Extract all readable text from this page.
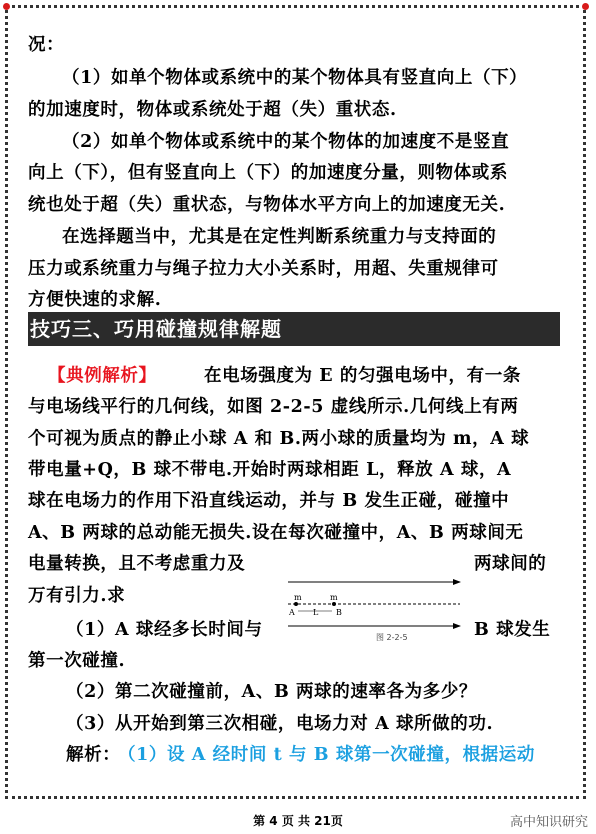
况：
（1）如单个物体或系统中的某个物体具有竖直向上（下）
的加速度时，物体或系统处于超（失）重状态.
（2）如单个物体或系统中的某个物体的加速度不是竖直
向上（下），但有竖直向上（下）的加速度分量，则物体或系
统也处于超（失）重状态，与物体水平方向上的加速度无关.
在选择题当中，尤其是在定性判断系统重力与支持面的
压力或系统重力与绳子拉力大小关系时，用超、失重规律可
方便快速的求解.
技巧三、巧用碰撞规律解题
【典例解析】	在电场强度为 E 的匀强电场中，有一条
与电场线平行的几何线，如图 2-2-5 虚线所示.几何线上有两
个可视为质点的静止小球 A 和 B.两小球的质量均为 m，A 球
带电量+Q，B 球不带电.开始时两球相距 L，释放 A 球，A
球在电场力的作用下沿直线运动，并与 B 发生正碰，碰撞中
A、B 两球的总动能无损失.设在每次碰撞中，A、B 两球间无
电量转换，且不考虑重力及	两球间的
万有引力.求
（1）A 球经多长时间与	B 球发生
第一次碰撞.
（2）第二次碰撞前，A、B 两球的速率各为多少？
（3）从开始到第三次相碰，电场力对 A 球所做的功.
解析：
（1）设 A 经时间 t 与 B 球第一次碰撞，根据运动
m	m
A	B
L
图 2-2-5
第 4 页 共 21页	高中知识研究
